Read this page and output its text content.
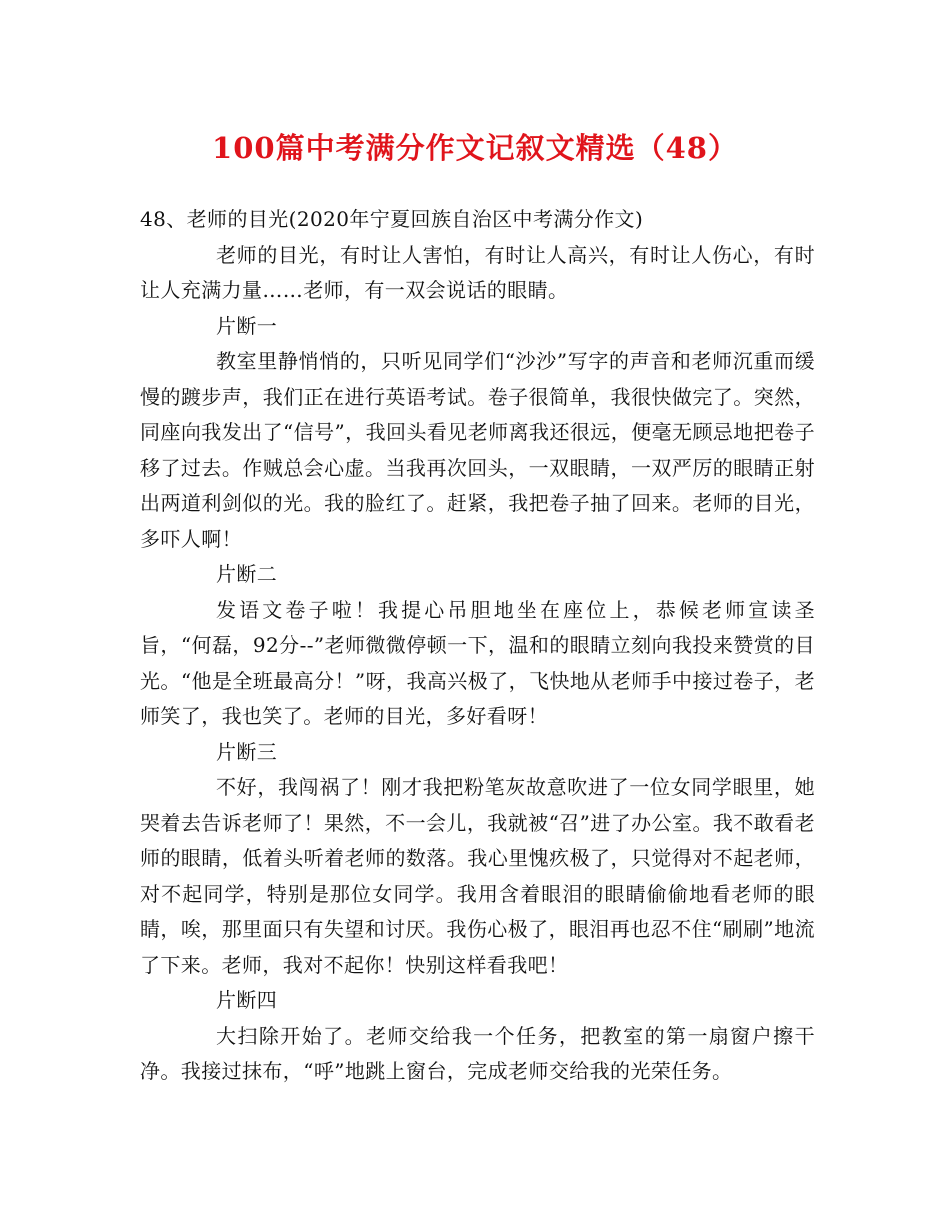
100篇中考满分作文记叙文精选（48）

48、老师的目光(2020年宁夏回族自治区中考满分作文)

老师的目光，有时让人害怕，有时让人高兴，有时让人伤心，有时让人充满力量……老师，有一双会说话的眼睛。

片断一

教室里静悄悄的，只听见同学们“沙沙”写字的声音和老师沉重而缓慢的踱步声，我们正在进行英语考试。卷子很简单，我很快做完了。突然，同座向我发出了“信号”，我回头看见老师离我还很远，便毫无顾忌地把卷子移了过去。作贼总会心虚。当我再次回头，一双眼睛，一双严厉的眼睛正射出两道利剑似的光。我的脸红了。赶紧，我把卷子抽了回来。老师的目光，多吓人啊！

片断二

发语文卷子啦！我提心吊胆地坐在座位上，恭候老师宣读圣旨，“何磊，92分--”老师微微停顿一下，温和的眼睛立刻向我投来赞赏的目光。“他是全班最高分！”呀，我高兴极了，飞快地从老师手中接过卷子，老师笑了，我也笑了。老师的目光，多好看呀！

片断三

不好，我闯祸了！刚才我把粉笔灰故意吹进了一位女同学眼里，她哭着去告诉老师了！果然，不一会儿，我就被“召”进了办公室。我不敢看老师的眼睛，低着头听着老师的数落。我心里愧疚极了，只觉得对不起老师，对不起同学，特别是那位女同学。我用含着眼泪的眼睛偷偷地看老师的眼睛，唉，那里面只有失望和讨厌。我伤心极了，眼泪再也忍不住“刷刷”地流了下来。老师，我对不起你！快别这样看我吧！

片断四

大扫除开始了。老师交给我一个任务，把教室的第一扇窗户擦干净。我接过抹布，“呼”地跳上窗台，完成老师交给我的光荣任务。
